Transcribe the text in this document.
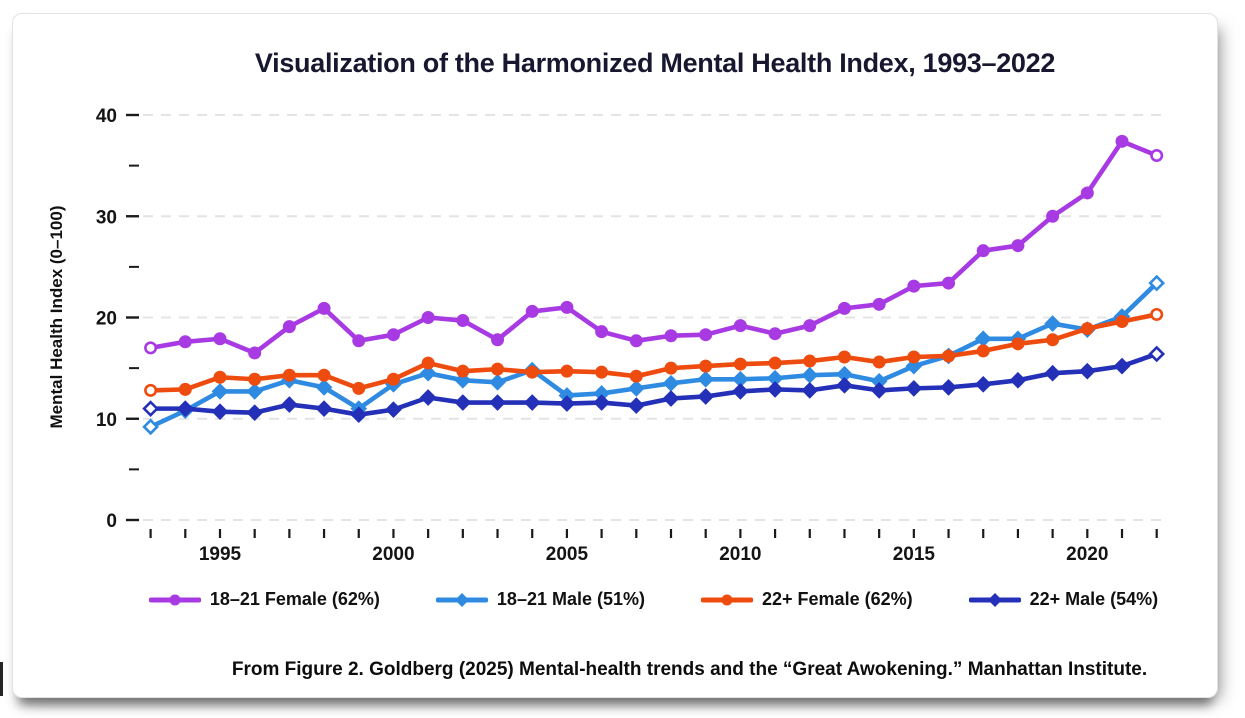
Visualization of the Harmonized Mental Health Index, 1993–2022
Mental Health Index (0–100)
0
10
20
30
40
1995	2000	2005	2010	2015	2020
18–21 Female (62%)	18–21 Male (51%)	22+ Female (62%)	22+ Male (54%)
From Figure 2. Goldberg (2025) Mental-health trends and the “Great Awokening.” Manhattan Institute.
